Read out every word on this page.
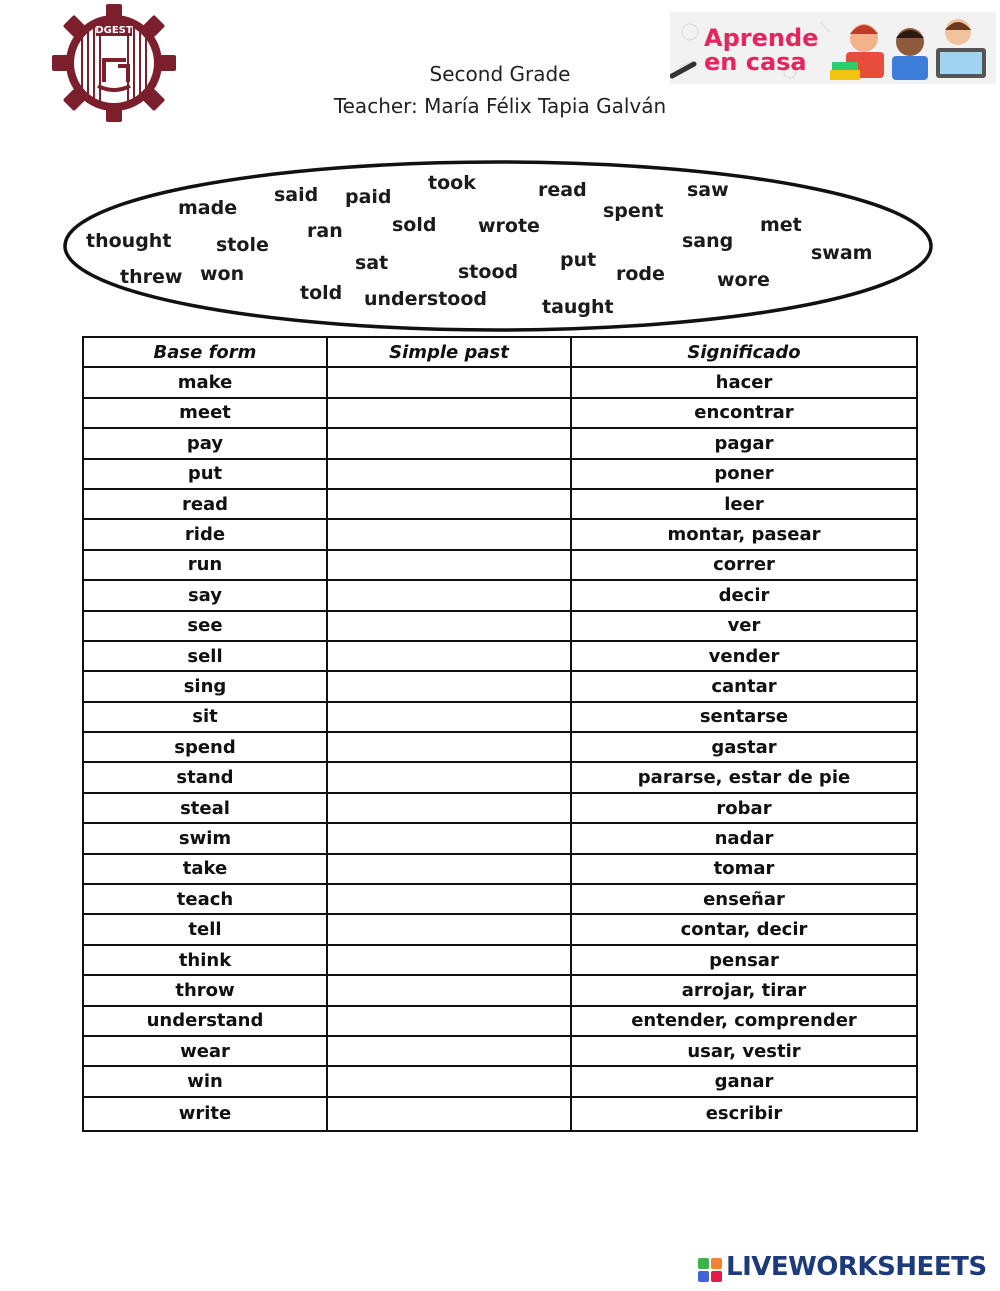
DGEST	Aprende
en casa
Second Grade
Teacher: María Félix Tapia Galván
took	read	saw
said paid
made	spent
sold wrote	met
thought stole
ran	sang
swam
sat	put
threw won	stood	rode	wore
told understood	taught
Base form	Simple past	Significado
make		hacer
meet		encontrar
pay		pagar
put		poner
read		leer
ride		montar, pasear
run		correr
say		decir
see		ver
sell		vender
sing		cantar
sit		sentarse
spend		gastar
stand		pararse, estar de pie
steal		robar
swim		nadar
take		tomar
teach		enseñar
tell		contar, decir
think		pensar
throw		arrojar, tirar
understand		entender, comprender
wear		usar, vestir
win		ganar
write		escribir
LIVEWORKSHEETS
